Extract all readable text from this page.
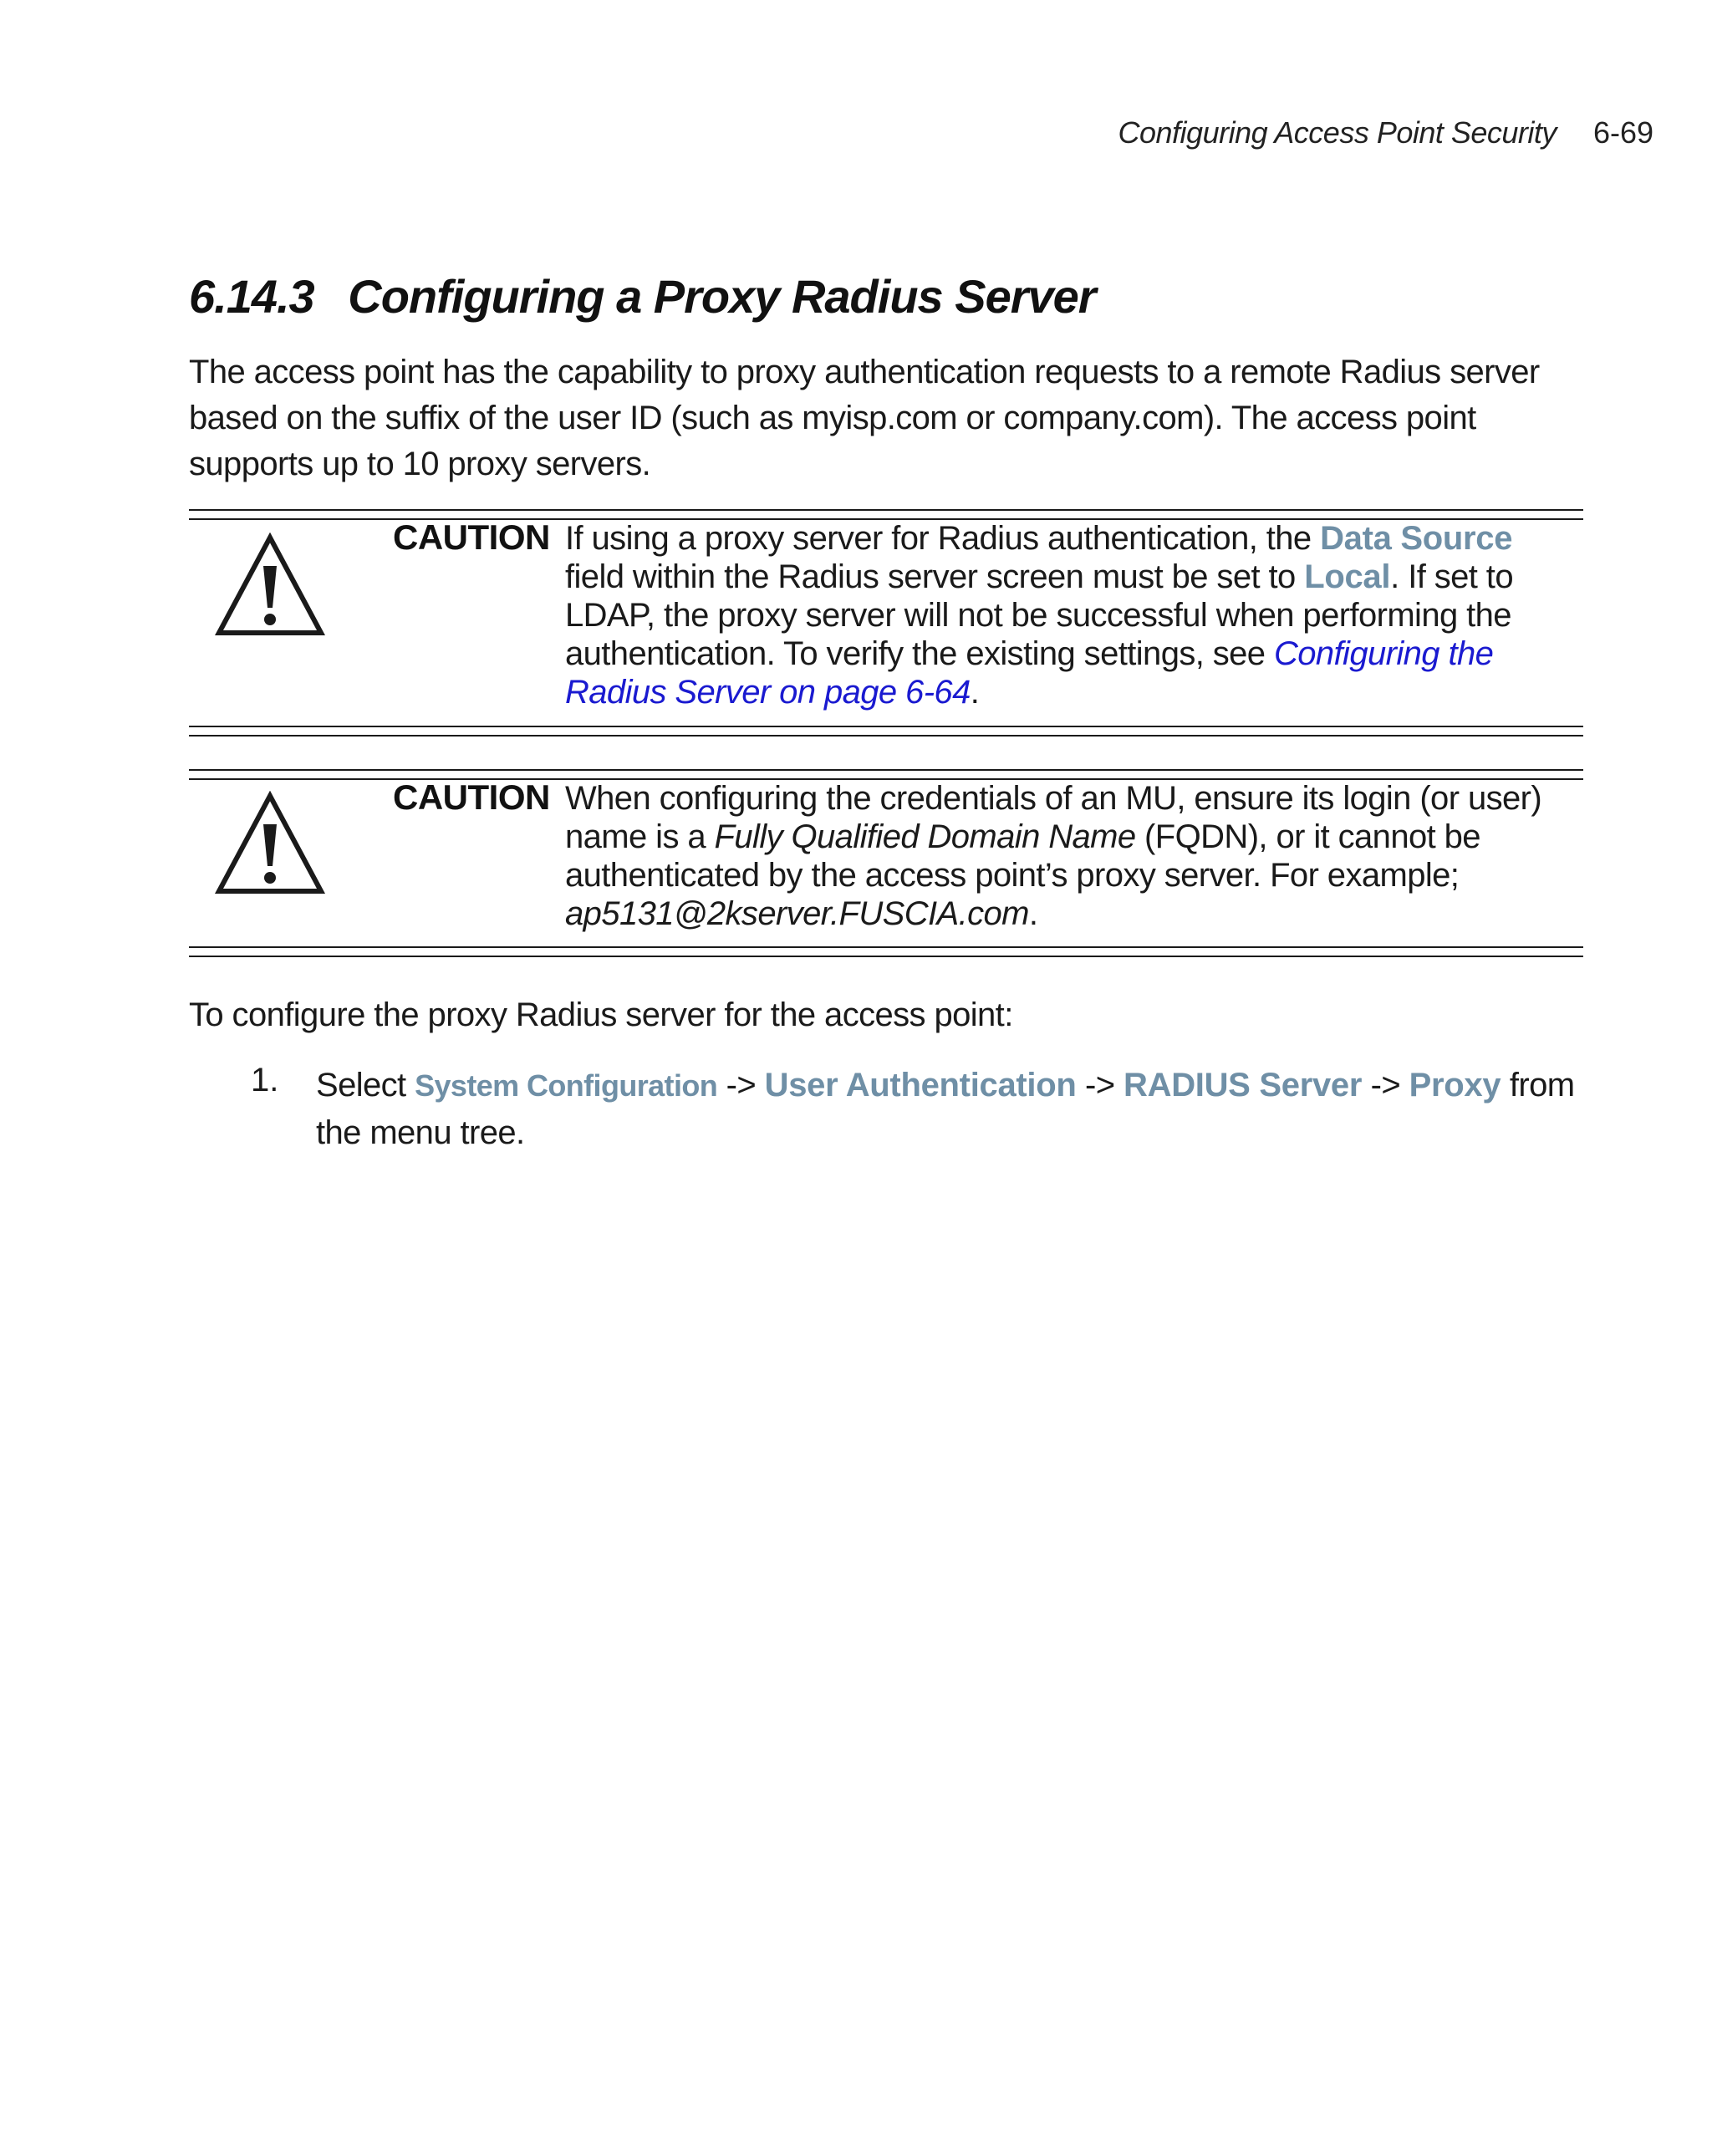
Configuring Access Point Security 6-69
6.14.3 Configuring a Proxy Radius Server

The access point has the capability to proxy authentication requests to a remote Radius server based on the suffix of the user ID (such as myisp.com or company.com). The access point supports up to 10 proxy servers.

CAUTION If using a proxy server for Radius authentication, the Data Source field within the Radius server screen must be set to Local. If set to LDAP, the proxy server will not be successful when performing the authentication. To verify the existing settings, see Configuring the Radius Server on page 6-64.

CAUTION When configuring the credentials of an MU, ensure its login (or user) name is a Fully Qualified Domain Name (FQDN), or it cannot be authenticated by the access point’s proxy server. For example; ap5131@2kserver.FUSCIA.com.

To configure the proxy Radius server for the access point:

1. Select System Configuration -> User Authentication -> RADIUS Server -> Proxy from the menu tree.
